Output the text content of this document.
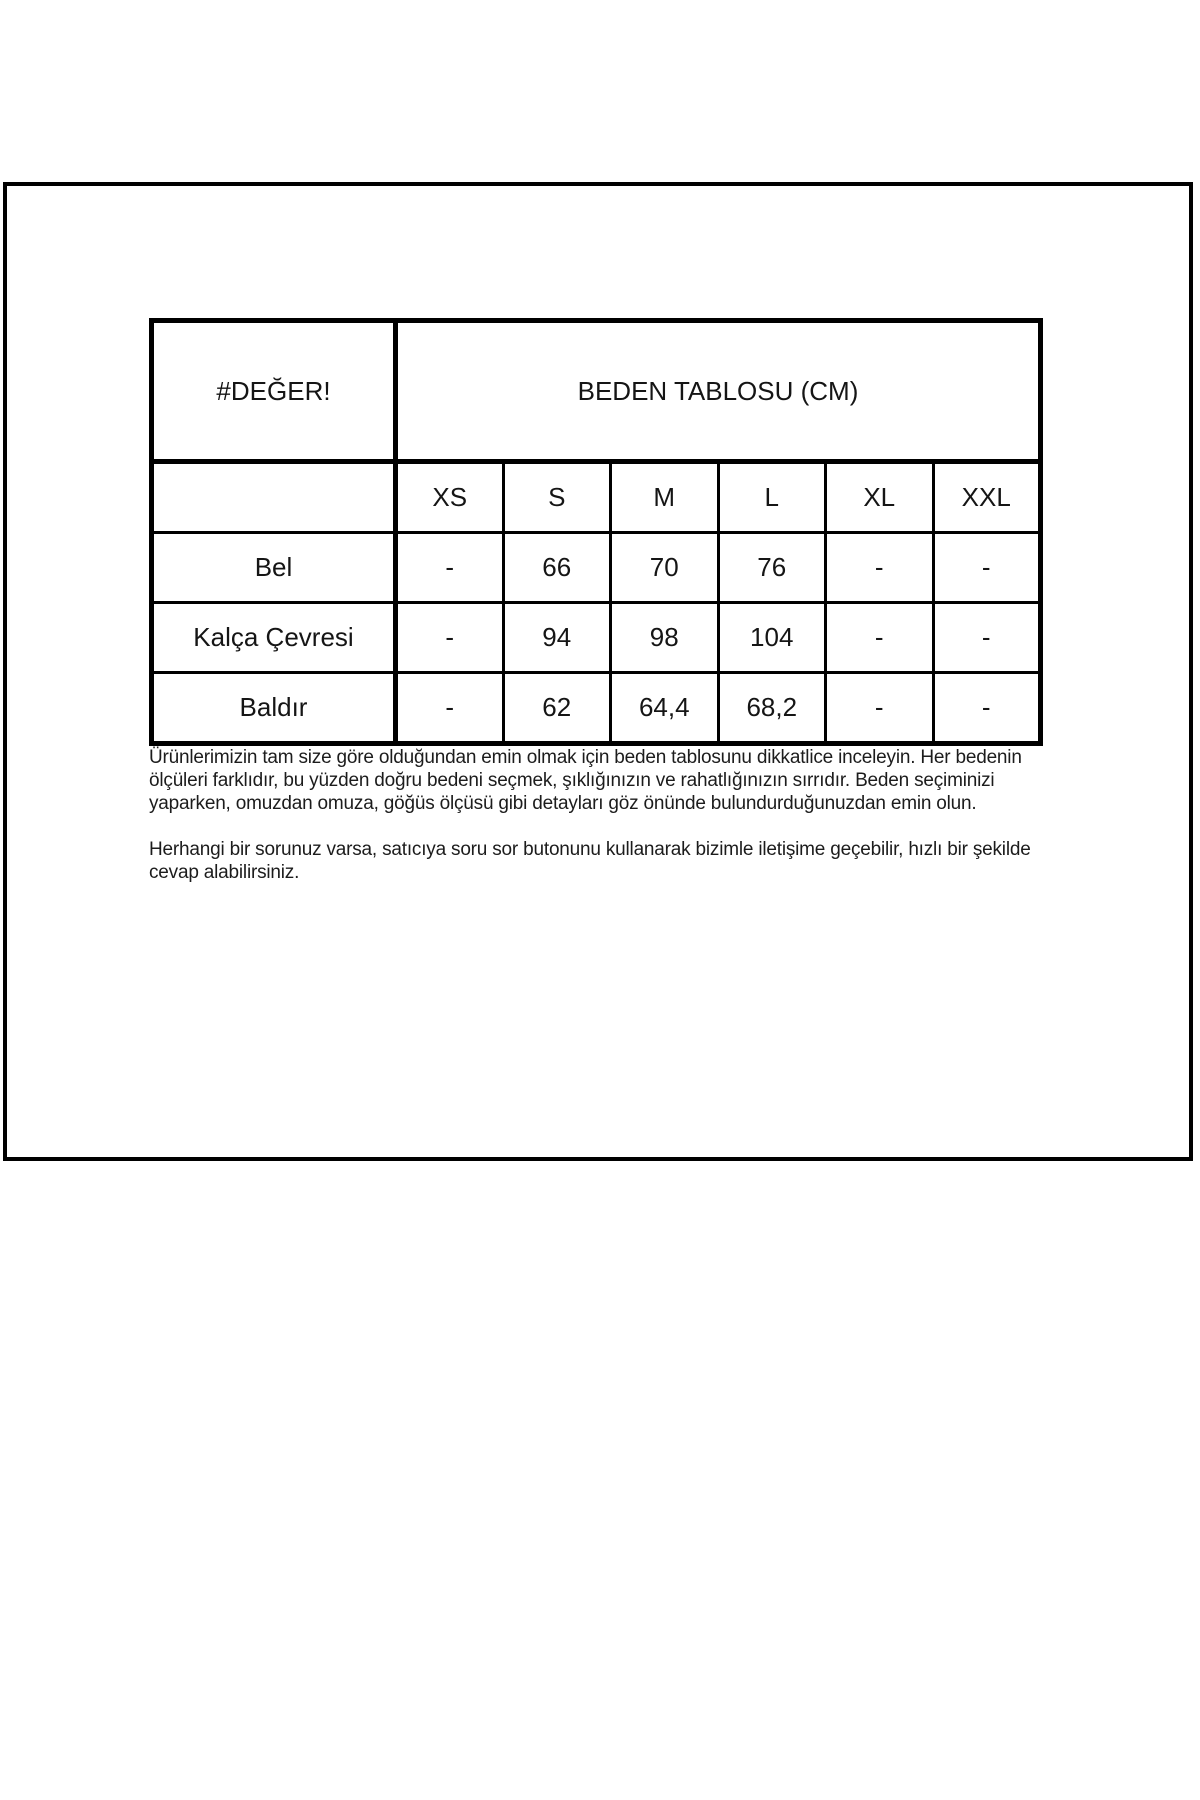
#DEĞER!	BEDEN TABLOSU (CM)					
	XS	S	M	L	XL	XXL
Bel	-	66	70	76	-	-
Kalça Çevresi	-	94	98	104	-	-
Baldır	-	62	64,4	68,2	-	-

Ürünlerimizin tam size göre olduğundan emin olmak için beden tablosunu dikkatlice inceleyin. Her bedenin ölçüleri farklıdır, bu yüzden doğru bedeni seçmek, şıklığınızın ve rahatlığınızın sırrıdır. Beden seçiminizi yaparken, omuzdan omuza, göğüs ölçüsü gibi detayları göz önünde bulundurduğunuzdan emin olun.

Herhangi bir sorunuz varsa, satıcıya soru sor butonunu kullanarak bizimle iletişime geçebilir, hızlı bir şekilde cevap alabilirsiniz.
